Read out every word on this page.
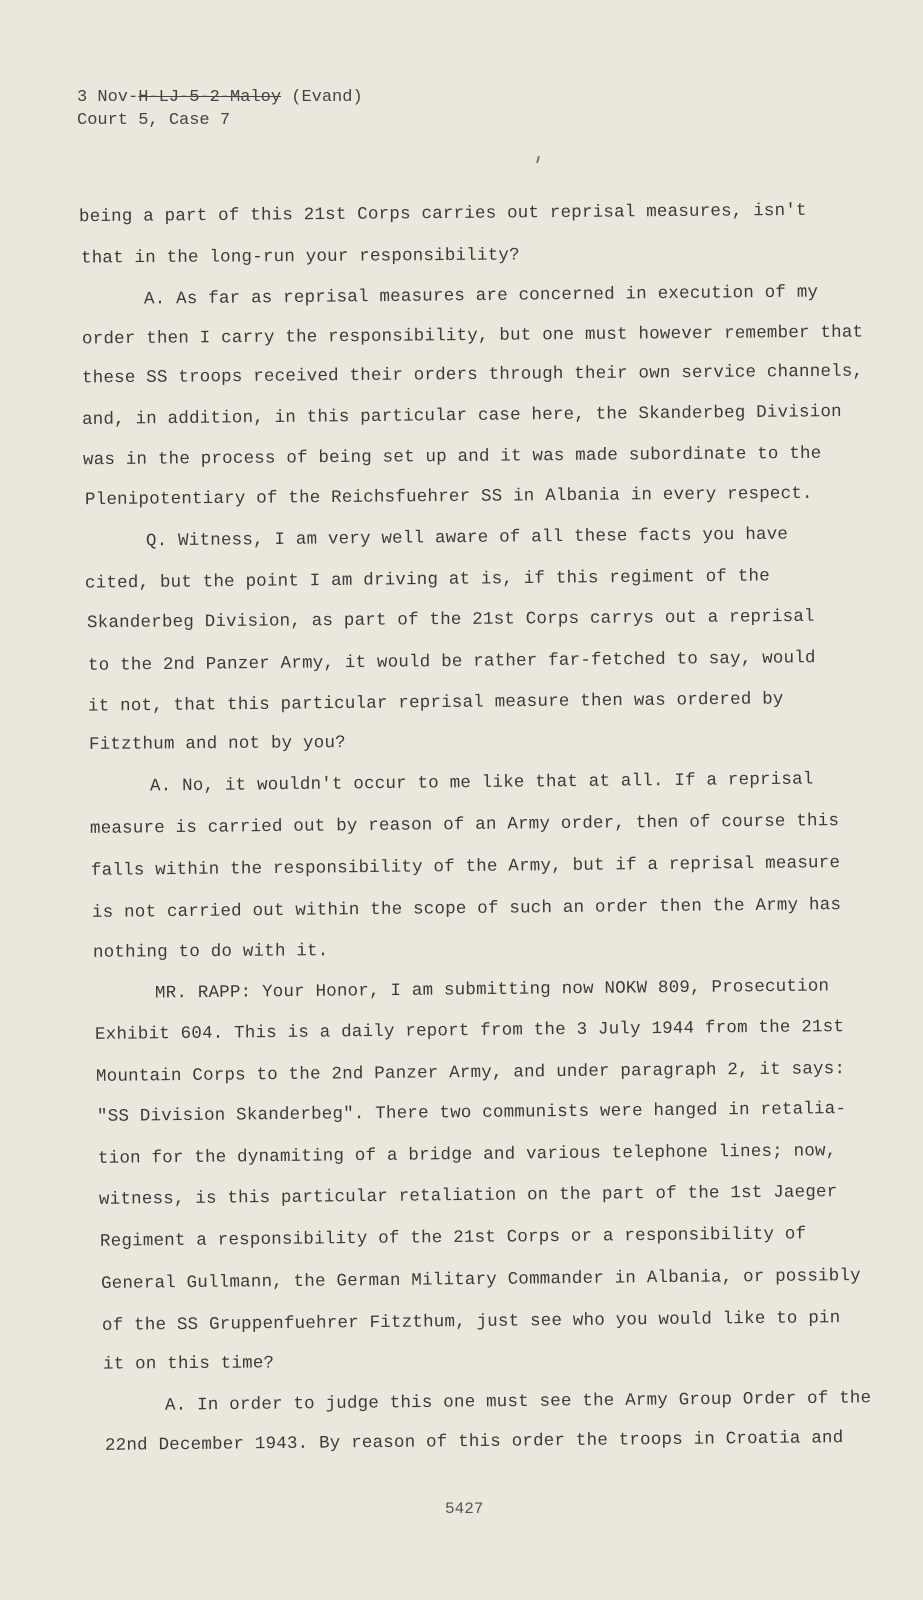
3 Nov-H-LJ-5-2-Maloy (Evand)
Court 5, Case 7
being a part of this 21st Corps carries out reprisal measures, isn't
that in the long-run your responsibility?
A. As far as reprisal measures are concerned in execution of my
order then I carry the responsibility, but one must however remember that
these SS troops received their orders through their own service channels,
and, in addition, in this particular case here, the Skanderbeg Division
was in the process of being set up and it was made subordinate to the
Plenipotentiary of the Reichsfuehrer SS in Albania in every respect.
Q. Witness, I am very well aware of all these facts you have
cited, but the point I am driving at is, if this regiment of the
Skanderbeg Division, as part of the 21st Corps carrys out a reprisal
to the 2nd Panzer Army, it would be rather far-fetched to say, would
it not, that this particular reprisal measure then was ordered by
Fitzthum and not by you?
A. No, it wouldn't occur to me like that at all. If a reprisal
measure is carried out by reason of an Army order, then of course this
falls within the responsibility of the Army, but if a reprisal measure
is not carried out within the scope of such an order then the Army has
nothing to do with it.
MR. RAPP: Your Honor, I am submitting now NOKW 809, Prosecution
Exhibit 604. This is a daily report from the 3 July 1944 from the 21st
Mountain Corps to the 2nd Panzer Army, and under paragraph 2, it says:
"SS Division Skanderbeg". There two communists were hanged in retalia-
tion for the dynamiting of a bridge and various telephone lines; now,
witness, is this particular retaliation on the part of the 1st Jaeger
Regiment a responsibility of the 21st Corps or a responsibility of
General Gullmann, the German Military Commander in Albania, or possibly
of the SS Gruppenfuehrer Fitzthum, just see who you would like to pin
it on this time?
A. In order to judge this one must see the Army Group Order of the
22nd December 1943. By reason of this order the troops in Croatia and
5427
